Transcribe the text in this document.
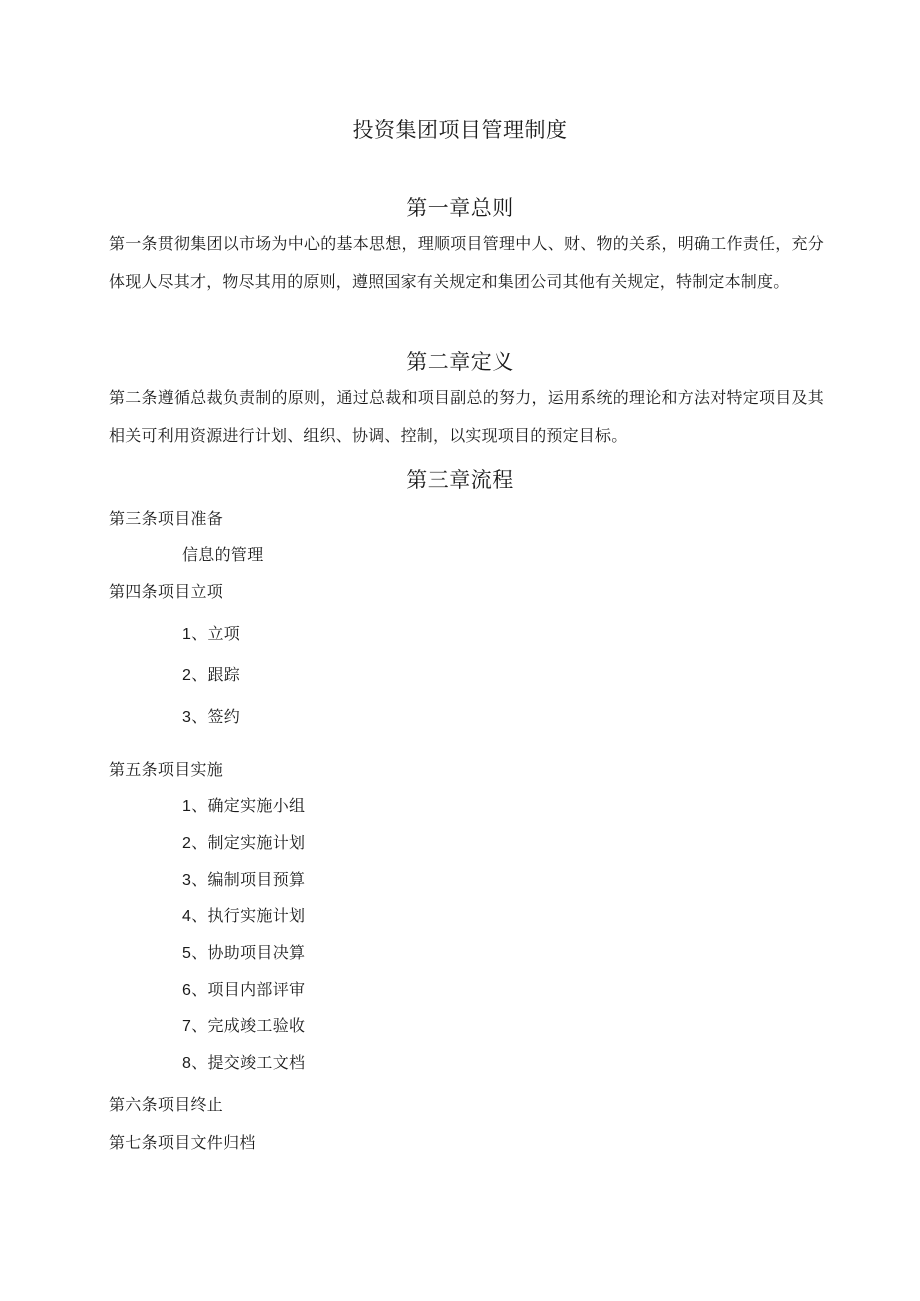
投资集团项目管理制度
第一章总则
第一条贯彻集团以市场为中心的基本思想，理顺项目管理中人、财、物的关系，明确工作责任，充分体现人尽其才，物尽其用的原则，遵照国家有关规定和集团公司其他有关规定，特制定本制度。
第二章定义
第二条遵循总裁负责制的原则，通过总裁和项目副总的努力，运用系统的理论和方法对特定项目及其相关可利用资源进行计划、组织、协调、控制，以实现项目的预定目标。
第三章流程
第三条项目准备
信息的管理
第四条项目立项
1、立项
2、跟踪
3、签约
第五条项目实施
1、确定实施小组
2、制定实施计划
3、编制项目预算
4、执行实施计划
5、协助项目决算
6、项目内部评审
7、完成竣工验收
8、提交竣工文档
第六条项目终止
第七条项目文件归档
